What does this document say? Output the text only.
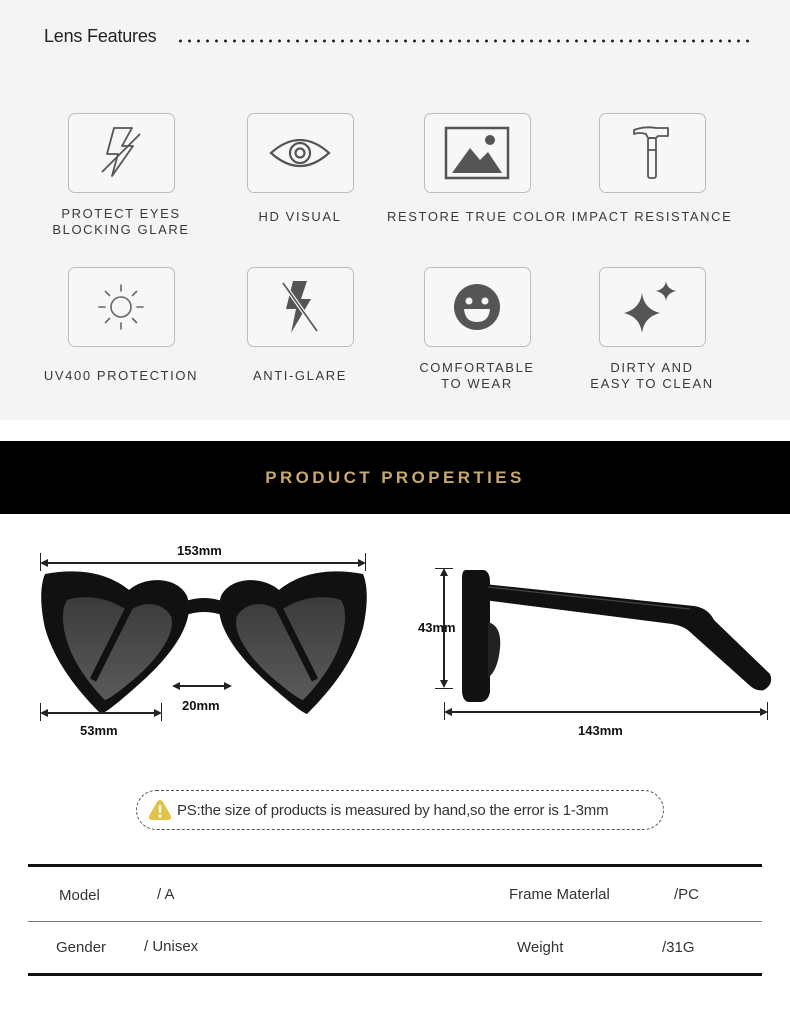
Lens Features
PROTECT EYES
BLOCKING GLARE
HD VISUAL	RESTORE TRUE COLOR IMPACT RESISTANCE
UV400 PROTECTION	ANTI-GLARE
COMFORTABLE
TO WEAR
DIRTY AND
EASY TO CLEAN
PRODUCT PROPERTIES
153mm
20mm
53mm
43mm
143mm
PS:the size of products is measured by hand,so the error is 1-3mm
Model	/ A	Frame Materlal	/PC
Gender	/ Unisex	Weight	/31G
